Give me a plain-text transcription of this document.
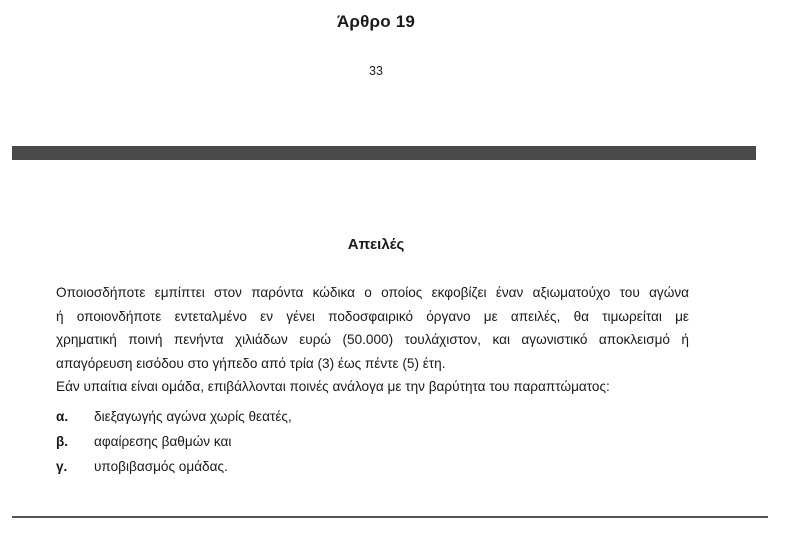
Άρθρο 19
33
Απειλές
Οποιοσδήποτε εμπίπτει στον παρόντα κώδικα ο οποίος εκφοβίζει έναν αξιωματούχο του αγώνα
ή οποιονδήποτε εντεταλμένο εν γένει ποδοσφαιρικό όργανο με απειλές, θα τιμωρείται με
χρηματική ποινή πενήντα χιλιάδων ευρώ (50.000) τουλάχιστον, και αγωνιστικό αποκλεισμό ή
απαγόρευση εισόδου στο γήπεδο από τρία (3) έως πέντε (5) έτη.
Εάν υπαίτια είναι ομάδα, επιβάλλονται ποινές ανάλογα με την βαρύτητα του παραπτώματος:
α. διεξαγωγής αγώνα χωρίς θεατές,
β. αφαίρεσης βαθμών και
γ. υποβιβασμός ομάδας.
